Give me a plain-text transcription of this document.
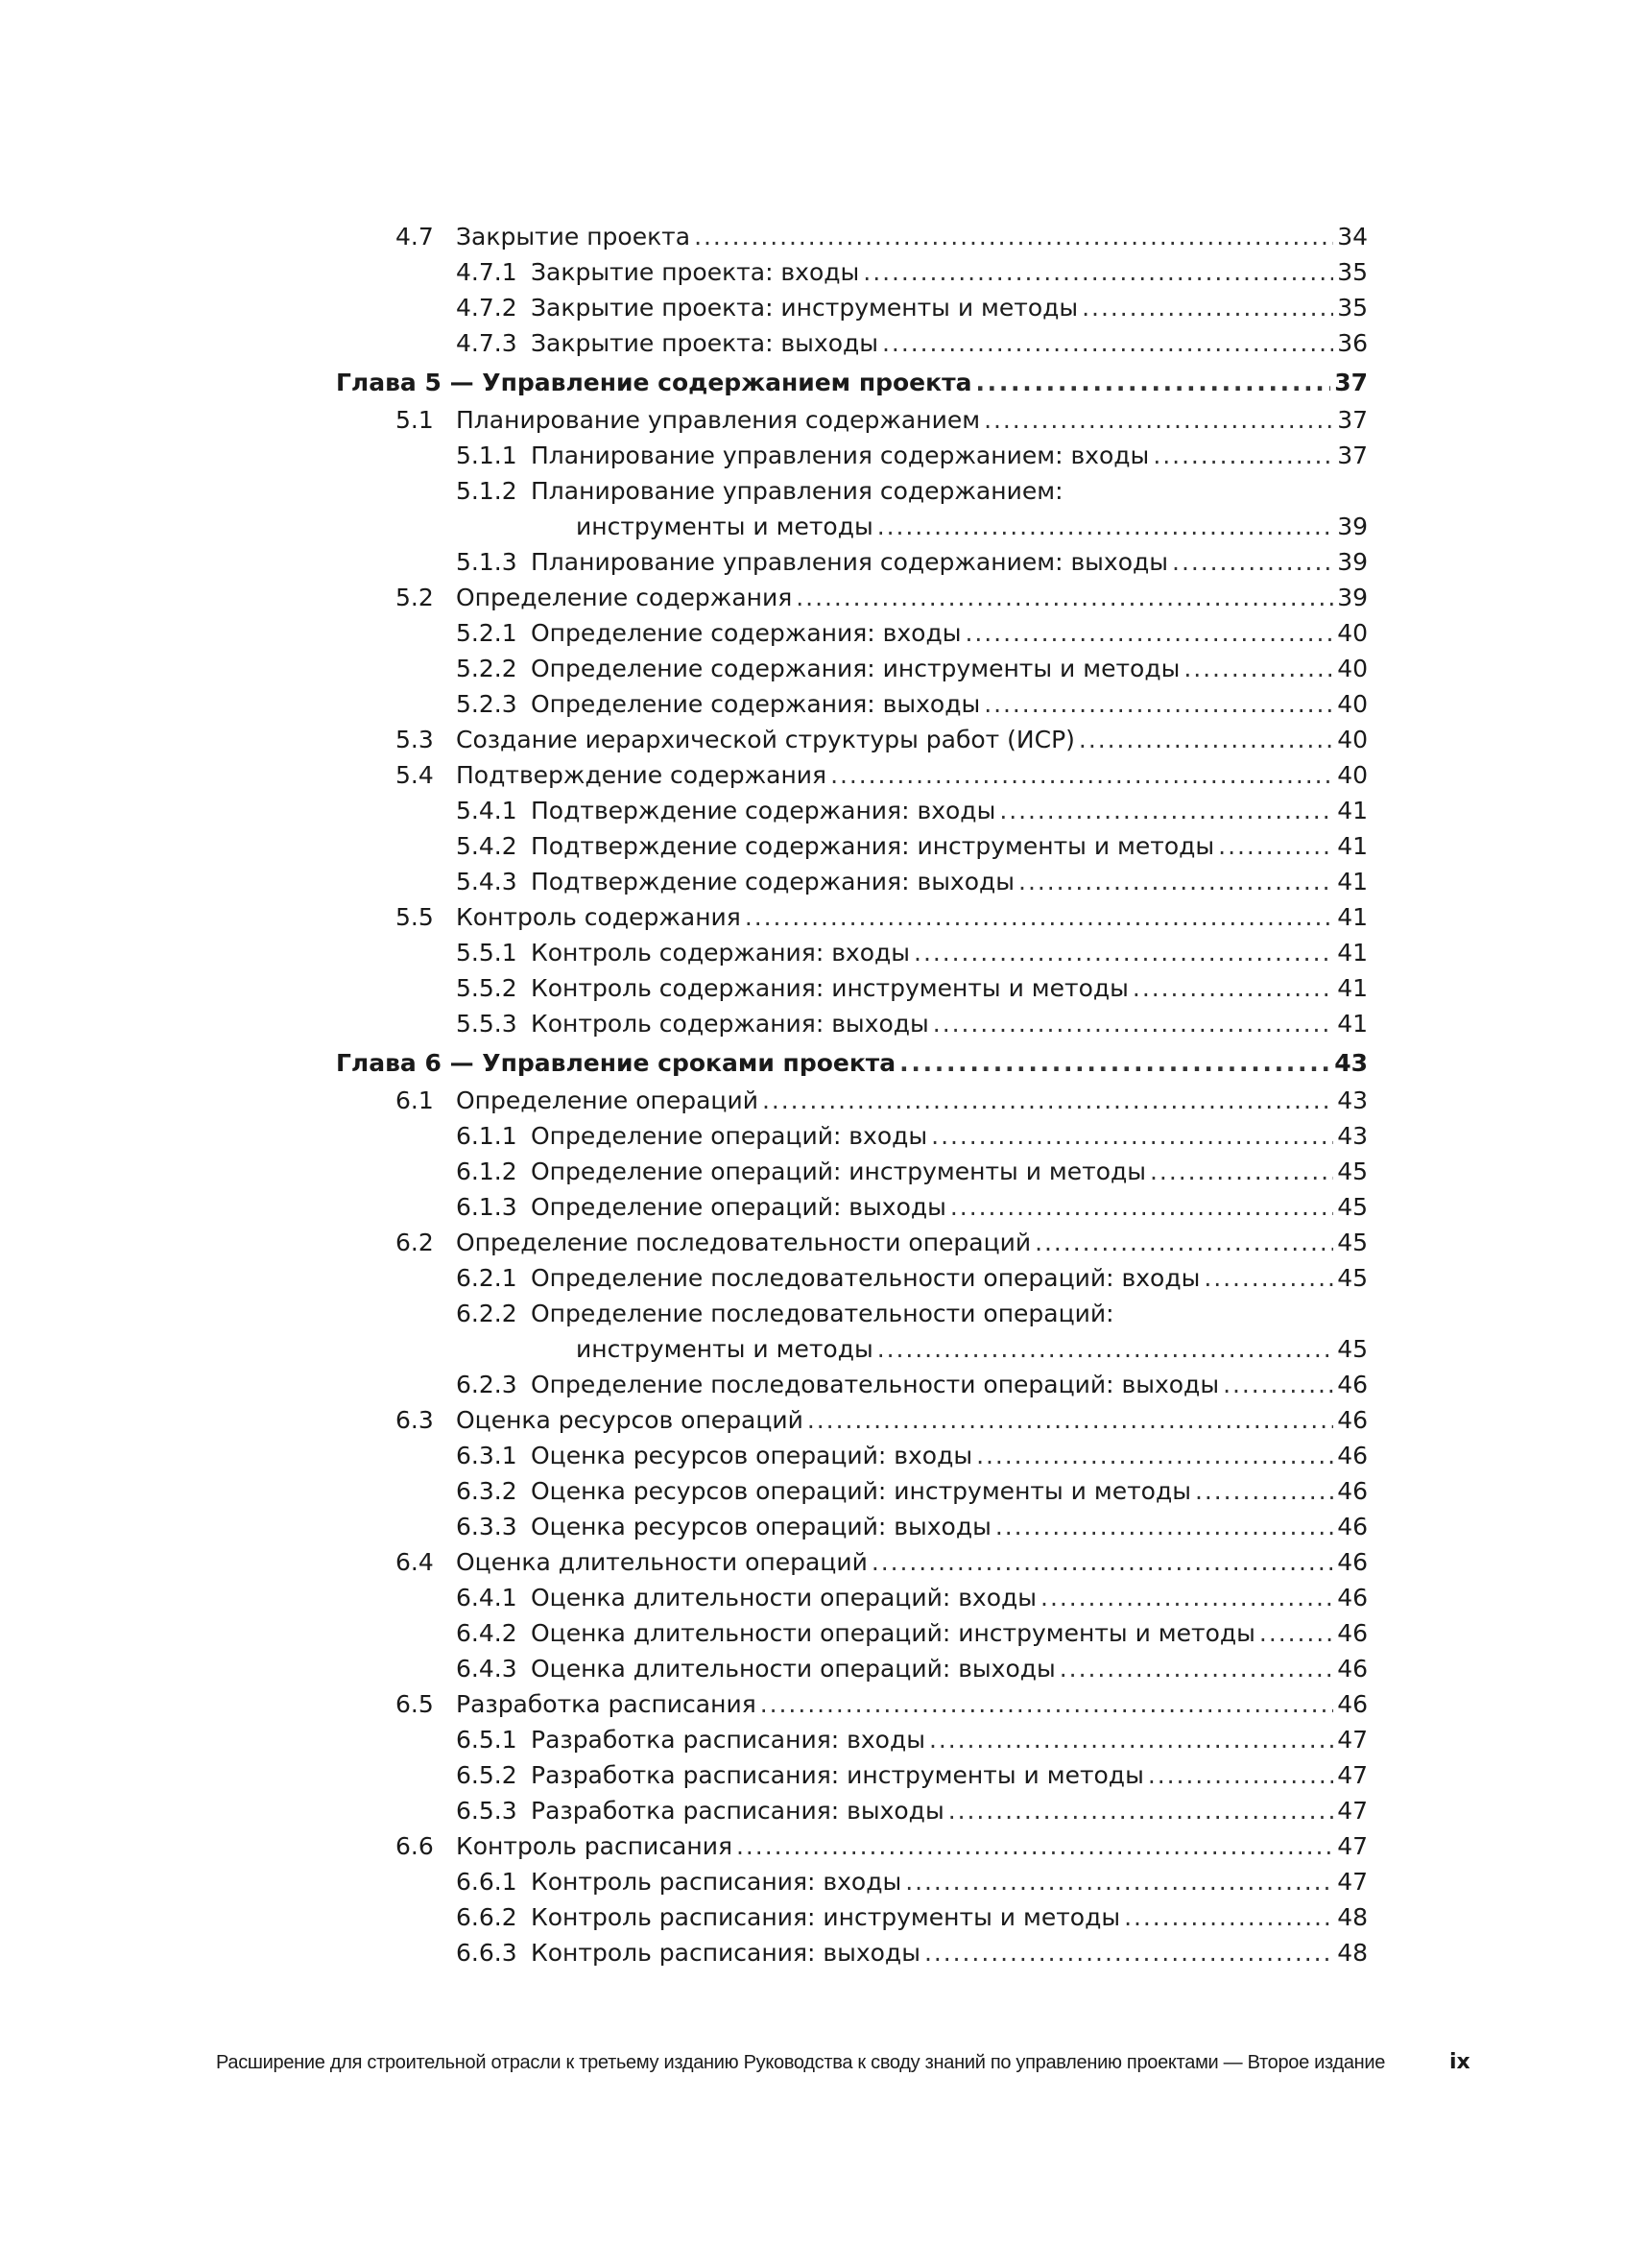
4.7 Закрытие проекта . . .	34
4.7.1 Закрытие проекта: входы . . .	35
4.7.2 Закрытие проекта: инструменты и методы . . .	35
4.7.3 Закрытие проекта: выходы . . .	36
Глава 5 — Управление содержанием проекта . . .	37
5.1 Планирование управления содержанием . . .	37
5.1.1 Планирование управления содержанием: входы . . .	37
5.1.2 Планирование управления содержанием:
инструменты и методы . . .	39
5.1.3 Планирование управления содержанием: выходы . . .	39
5.2 Определение содержания . . .	39
5.2.1 Определение содержания: входы . . .	40
5.2.2 Определение содержания: инструменты и методы . . .	40
5.2.3 Определение содержания: выходы . . .	40
5.3 Создание иерархической структуры работ (ИСР) . . .	40
5.4 Подтверждение содержания . . .	40
5.4.1 Подтверждение содержания: входы . . .	41
5.4.2 Подтверждение содержания: инструменты и методы . . .	41
5.4.3 Подтверждение содержания: выходы . . .	41
5.5 Контроль содержания . . .	41
5.5.1 Контроль содержания: входы . . .	41
5.5.2 Контроль содержания: инструменты и методы . . .	41
5.5.3 Контроль содержания: выходы . . .	41
Глава 6 — Управление сроками проекта . . .	43
6.1 Определение операций . . .	43
6.1.1 Определение операций: входы . . .	43
6.1.2 Определение операций: инструменты и методы . . .	45
6.1.3 Определение операций: выходы . . .	45
6.2 Определение последовательности операций . . .	45
6.2.1 Определение последовательности операций: входы . . .	45
6.2.2 Определение последовательности операций:
инструменты и методы . . .	45
6.2.3 Определение последовательности операций: выходы . . .	46
6.3 Оценка ресурсов операций . . .	46
6.3.1 Оценка ресурсов операций: входы . . .	46
6.3.2 Оценка ресурсов операций: инструменты и методы . . .	46
6.3.3 Оценка ресурсов операций: выходы . . .	46
6.4 Оценка длительности операций . . .	46
6.4.1 Оценка длительности операций: входы . . .	46
6.4.2 Оценка длительности операций: инструменты и методы . . .	46
6.4.3 Оценка длительности операций: выходы . . .	46
6.5 Разработка расписания . . .	46
6.5.1 Разработка расписания: входы . . .	47
6.5.2 Разработка расписания: инструменты и методы . . .	47
6.5.3 Разработка расписания: выходы . . .	47
6.6 Контроль расписания . . .	47
6.6.1 Контроль расписания: входы . . .	47
6.6.2 Контроль расписания: инструменты и методы . . .	48
6.6.3 Контроль расписания: выходы . . .	48
Расширение для строительной отрасли к третьему изданию Руководства к своду знаний по управлению проектами — Второе издание	ix
